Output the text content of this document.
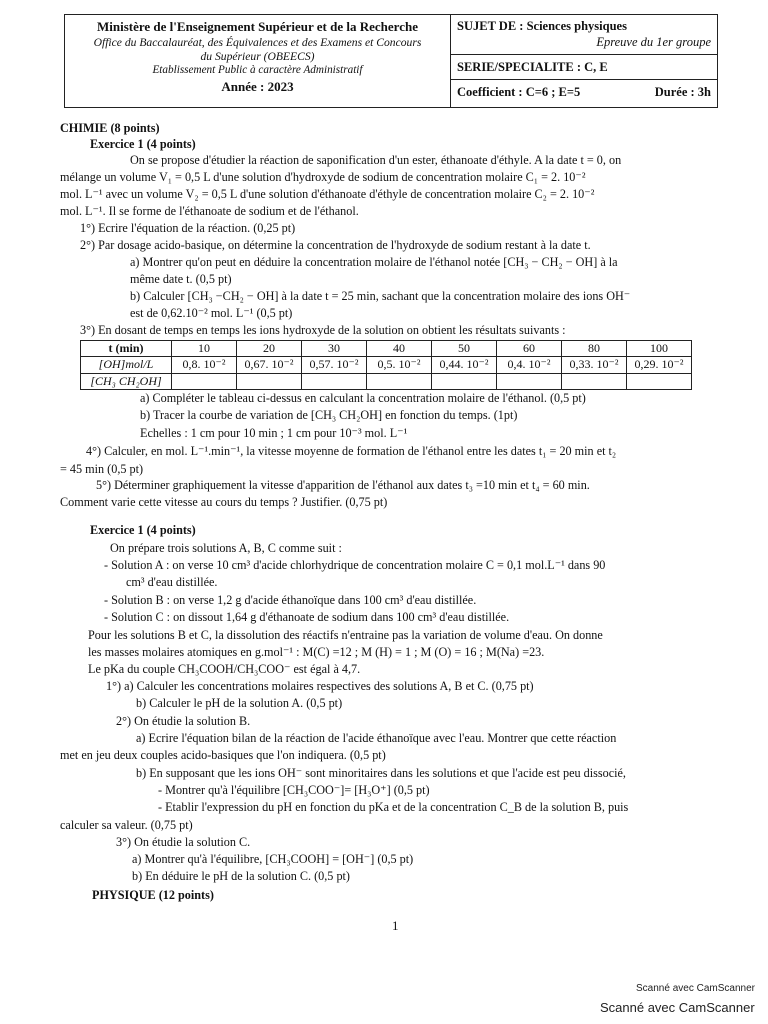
Ministère de l'Enseignement Supérieur et de la Recherche
Office du Baccalauréat, des Équivalences et des Examens et Concours
du Supérieur (OBEECS)
Etablissement Public à caractère Administratif
Année : 2023
SUJET DE : Sciences physiques
Epreuve du 1er groupe
SERIE/SPECIALITE : C, E
Coefficient : C=6 ; E=5	Durée : 3h
CHIMIE (8 points)
Exercice 1 (4 points)
On se propose d'étudier la réaction de saponification d'un ester, éthanoate d'éthyle. A la date t = 0, on
mélange un volume V₁ = 0,5 L d'une solution d'hydroxyde de sodium de concentration molaire C₁ = 2. 10⁻²
mol. L⁻¹ avec un volume V₂ = 0,5 L d'une solution d'éthanoate d'éthyle de concentration molaire C₂ = 2. 10⁻²
mol. L⁻¹. Il se forme de l'éthanoate de sodium et de l'éthanol.
1°) Ecrire l'équation de la réaction. (0,25 pt)
2°) Par dosage acido-basique, on détermine la concentration de l'hydroxyde de sodium restant à la date t.
a) Montrer qu'on peut en déduire la concentration molaire de l'éthanol notée [CH₃ − CH₂ − OH] à la
même date t. (0,5 pt)
b) Calculer [CH₃ −CH₂ − OH] à la date t = 25 min, sachant que la concentration molaire des ions OH⁻
est de 0,62.10⁻² mol. L⁻¹ (0,5 pt)
3°) En dosant de temps en temps les ions hydroxyde de la solution on obtient les résultats suivants :
t (min)	10	20	30	40	50	60	80	100
[OH]mol/L	0,8. 10⁻²	0,67. 10⁻²	0,57. 10⁻²	0,5. 10⁻²	0,44. 10⁻²	0,4. 10⁻²	0,33. 10⁻²	0,29. 10⁻²
[CH₃ CH₂OH]								
a) Compléter le tableau ci-dessus en calculant la concentration molaire de l'éthanol. (0,5 pt)
b) Tracer la courbe de variation de [CH₃ CH₂OH] en fonction du temps. (1pt)
Echelles : 1 cm pour 10 min ; 1 cm pour 10⁻³ mol. L⁻¹
4°) Calculer, en mol. L⁻¹.min⁻¹, la vitesse moyenne de formation de l'éthanol entre les dates t₁ = 20 min et t₂
= 45 min (0,5 pt)
5°) Déterminer graphiquement la vitesse d'apparition de l'éthanol aux dates t₃ =10 min et t₄ = 60 min.
Comment varie cette vitesse au cours du temps ? Justifier. (0,75 pt)
Exercice 1 (4 points)
On prépare trois solutions A, B, C comme suit :
- Solution A : on verse 10 cm³ d'acide chlorhydrique de concentration molaire C = 0,1 mol.L⁻¹ dans 90
cm³ d'eau distillée.
- Solution B : on verse 1,2 g d'acide éthanoïque dans 100 cm³ d'eau distillée.
- Solution C : on dissout 1,64 g d'éthanoate de sodium dans 100 cm³ d'eau distillée.
Pour les solutions B et C, la dissolution des réactifs n'entraine pas la variation de volume d'eau. On donne
les masses molaires atomiques en g.mol⁻¹ : M(C) =12 ; M (H) = 1 ; M (O) = 16 ; M(Na) =23.
Le pKa du couple CH₃COOH/CH₃COO⁻ est égal à 4,7.
1°) a) Calculer les concentrations molaires respectives des solutions A, B et C. (0,75 pt)
b) Calculer le pH de la solution A. (0,5 pt)
2°) On étudie la solution B.
a) Ecrire l'équation bilan de la réaction de l'acide éthanoïque avec l'eau. Montrer que cette réaction
met en jeu deux couples acido-basiques que l'on indiquera. (0,5 pt)
b) En supposant que les ions OH⁻ sont minoritaires dans les solutions et que l'acide est peu dissocié,
- Montrer qu'à l'équilibre [CH₃COO⁻]= [H₃O⁺] (0,5 pt)
- Etablir l'expression du pH en fonction du pKa et de la concentration C_B de la solution B, puis
calculer sa valeur. (0,75 pt)
3°) On étudie la solution C.
a) Montrer qu'à l'équilibre, [CH₃COOH] = [OH⁻] (0,5 pt)
b) En déduire le pH de la solution C. (0,5 pt)
PHYSIQUE (12 points)
1
Scanné avec CamScanner
Scanné avec CamScanner
